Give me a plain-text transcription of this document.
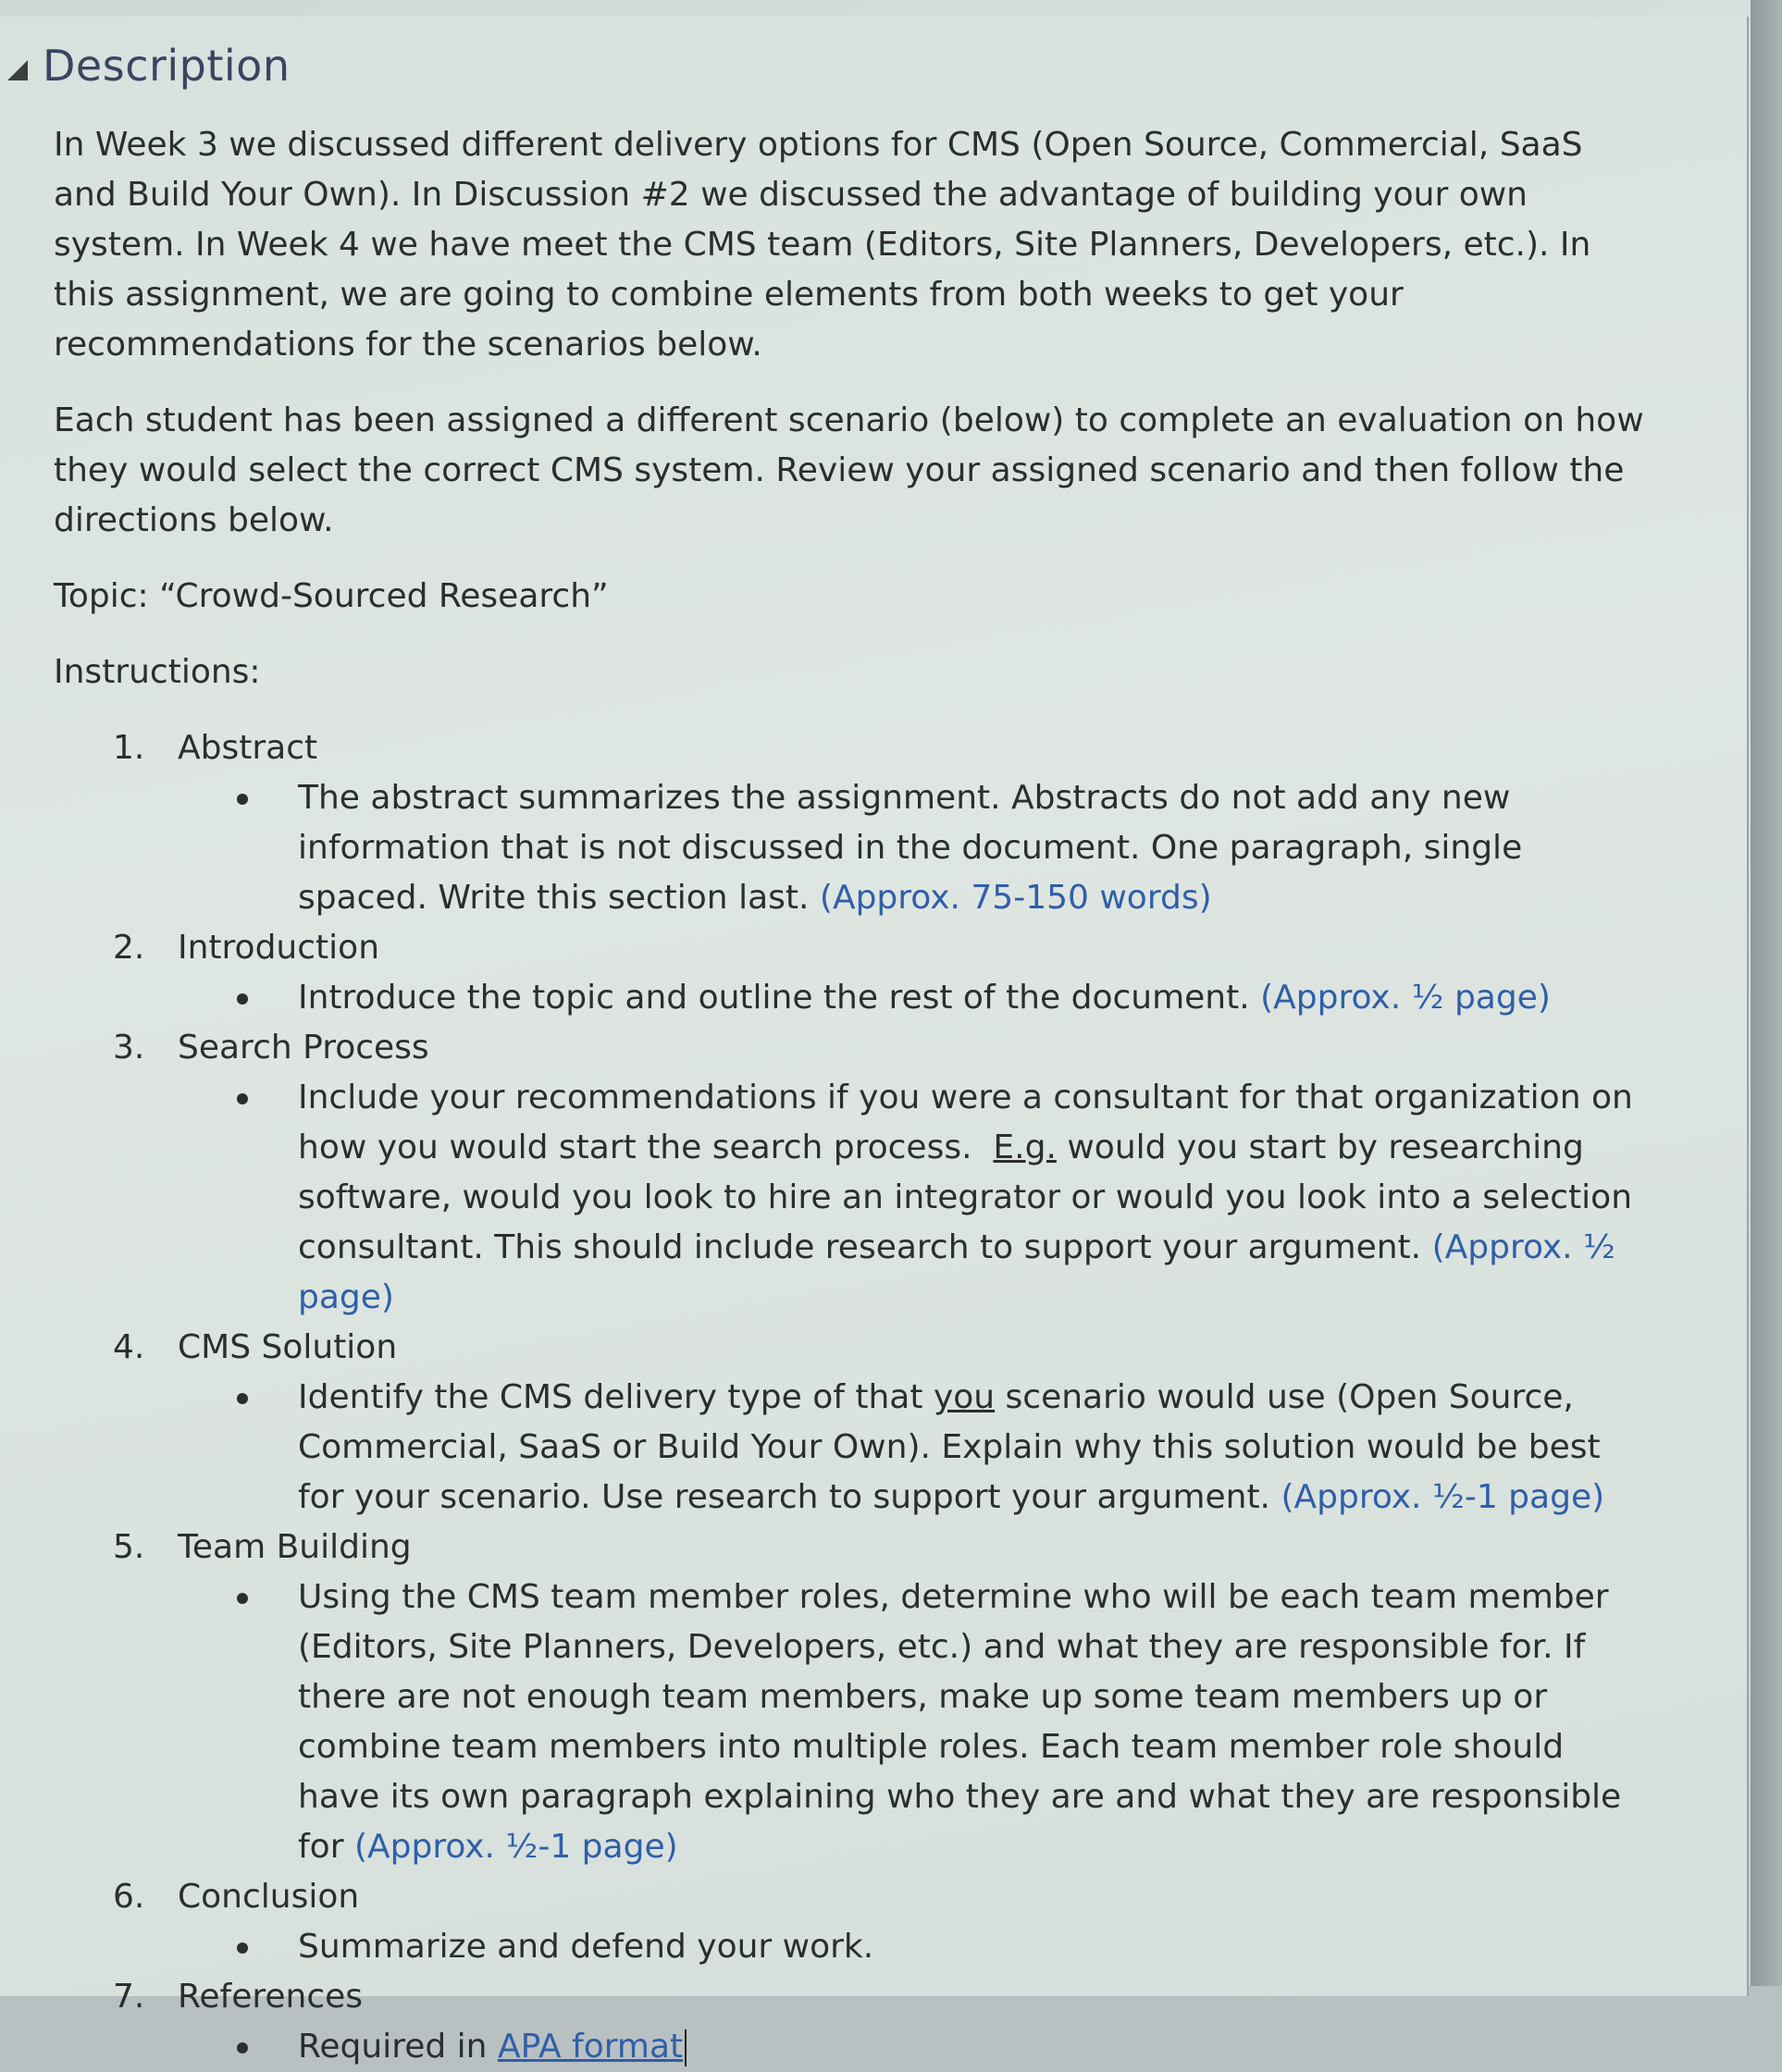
Description

In Week 3 we discussed different delivery options for CMS (Open Source, Commercial, SaaS and Build Your Own). In Discussion #2 we discussed the advantage of building your own system. In Week 4 we have meet the CMS team (Editors, Site Planners, Developers, etc.). In this assignment, we are going to combine elements from both weeks to get your recommendations for the scenarios below.

Each student has been assigned a different scenario (below) to complete an evaluation on how they would select the correct CMS system. Review your assigned scenario and then follow the directions below.

Topic: “Crowd-Sourced Research”

Instructions:

1. Abstract
The abstract summarizes the assignment. Abstracts do not add any new information that is not discussed in the document. One paragraph, single spaced. Write this section last. (Approx. 75-150 words)
2. Introduction
Introduce the topic and outline the rest of the document. (Approx. ½ page)
3. Search Process
Include your recommendations if you were a consultant for that organization on how you would start the search process. E.g. would you start by researching software, would you look to hire an integrator or would you look into a selection consultant. This should include research to support your argument. (Approx. ½ page)
4. CMS Solution
Identify the CMS delivery type of that you scenario would use (Open Source, Commercial, SaaS or Build Your Own). Explain why this solution would be best for your scenario. Use research to support your argument. (Approx. ½-1 page)
5. Team Building
Using the CMS team member roles, determine who will be each team member (Editors, Site Planners, Developers, etc.) and what they are responsible for. If there are not enough team members, make up some team members up or combine team members into multiple roles. Each team member role should have its own paragraph explaining who they are and what they are responsible for (Approx. ½-1 page)
6. Conclusion
Summarize and defend your work.
7. References
Required in APA format
